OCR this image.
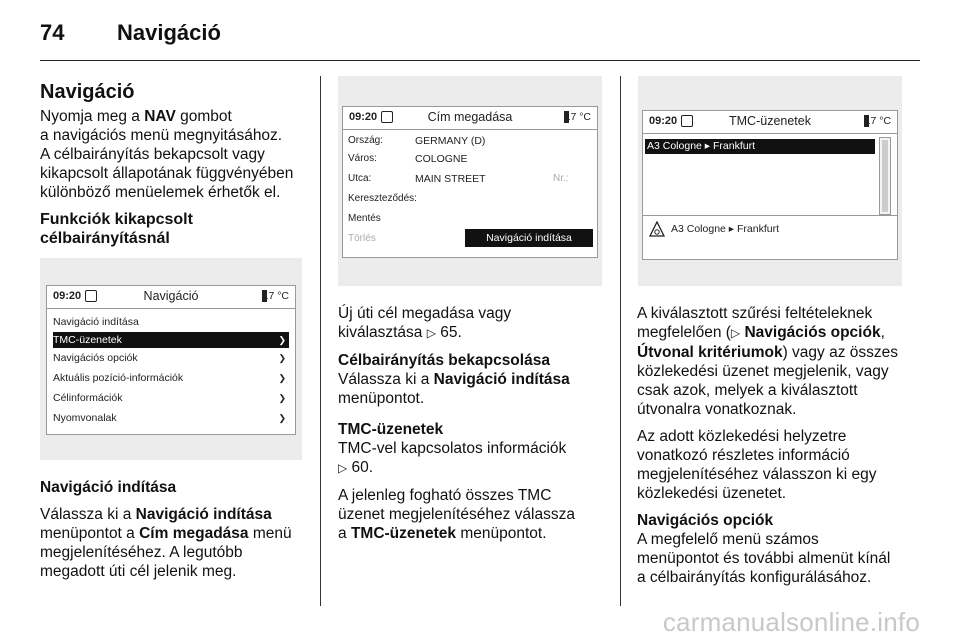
74 Navigáció
Navigáció

Nyomja meg a NAV gombot
a navigációs menü megnyitásához.
A célbairányítás bekapcsolt vagy
kikapcsolt állapotának függvényében
különböző menüelemek érhetők el.

Funkciók kikapcsolt
célbairányításnál

09:20	Navigáció	17 °C
Navigáció indítása
TMC-üzenetek	❯
Navigációs opciók	❯
Aktuális pozíció-információk	❯
Célinformációk	❯
Nyomvonalak	❯

Navigáció indítása

Válassza ki a Navigáció indítása
menüpontot a Cím megadása menü
megjelenítéséhez. A legutóbb
megadott úti cél jelenik meg.

09:20	Cím megadása	17 °C
Ország:	GERMANY (D)
Város:	COLOGNE
Utca:	MAIN STREET	Nr.:
Kereszteződés:
Mentés
Törlés	Navigáció indítása

Új úti cél megadása vagy
kiválasztása ▷ 65.

Célbairányítás bekapcsolása
Válassza ki a Navigáció indítása
menüpontot.

TMC-üzenetek
TMC-vel kapcsolatos információk
▷ 60.

A jelenleg fogható összes TMC
üzenet megjelenítéséhez válassza
a TMC-üzenetek menüpontot.

09:20	TMC-üzenetek	17 °C
A3 Cologne ▸ Frankfurt
A3 Cologne ▸ Frankfurt

A kiválasztott szűrési feltételeknek
megfelelően (▷ Navigációs opciók,
Útvonal kritériumok) vagy az összes
közlekedési üzenet megjelenik, vagy
csak azok, melyek a kiválasztott
útvonalra vonatkoznak.

Az adott közlekedési helyzetre
vonatkozó részletes információ
megjelenítéséhez válasszon ki egy
közlekedési üzenetet.

Navigációs opciók
A megfelelő menü számos
menüpontot és további almenüt kínál
a célbairányítás konfigurálásához.

carmanualsonline.info
